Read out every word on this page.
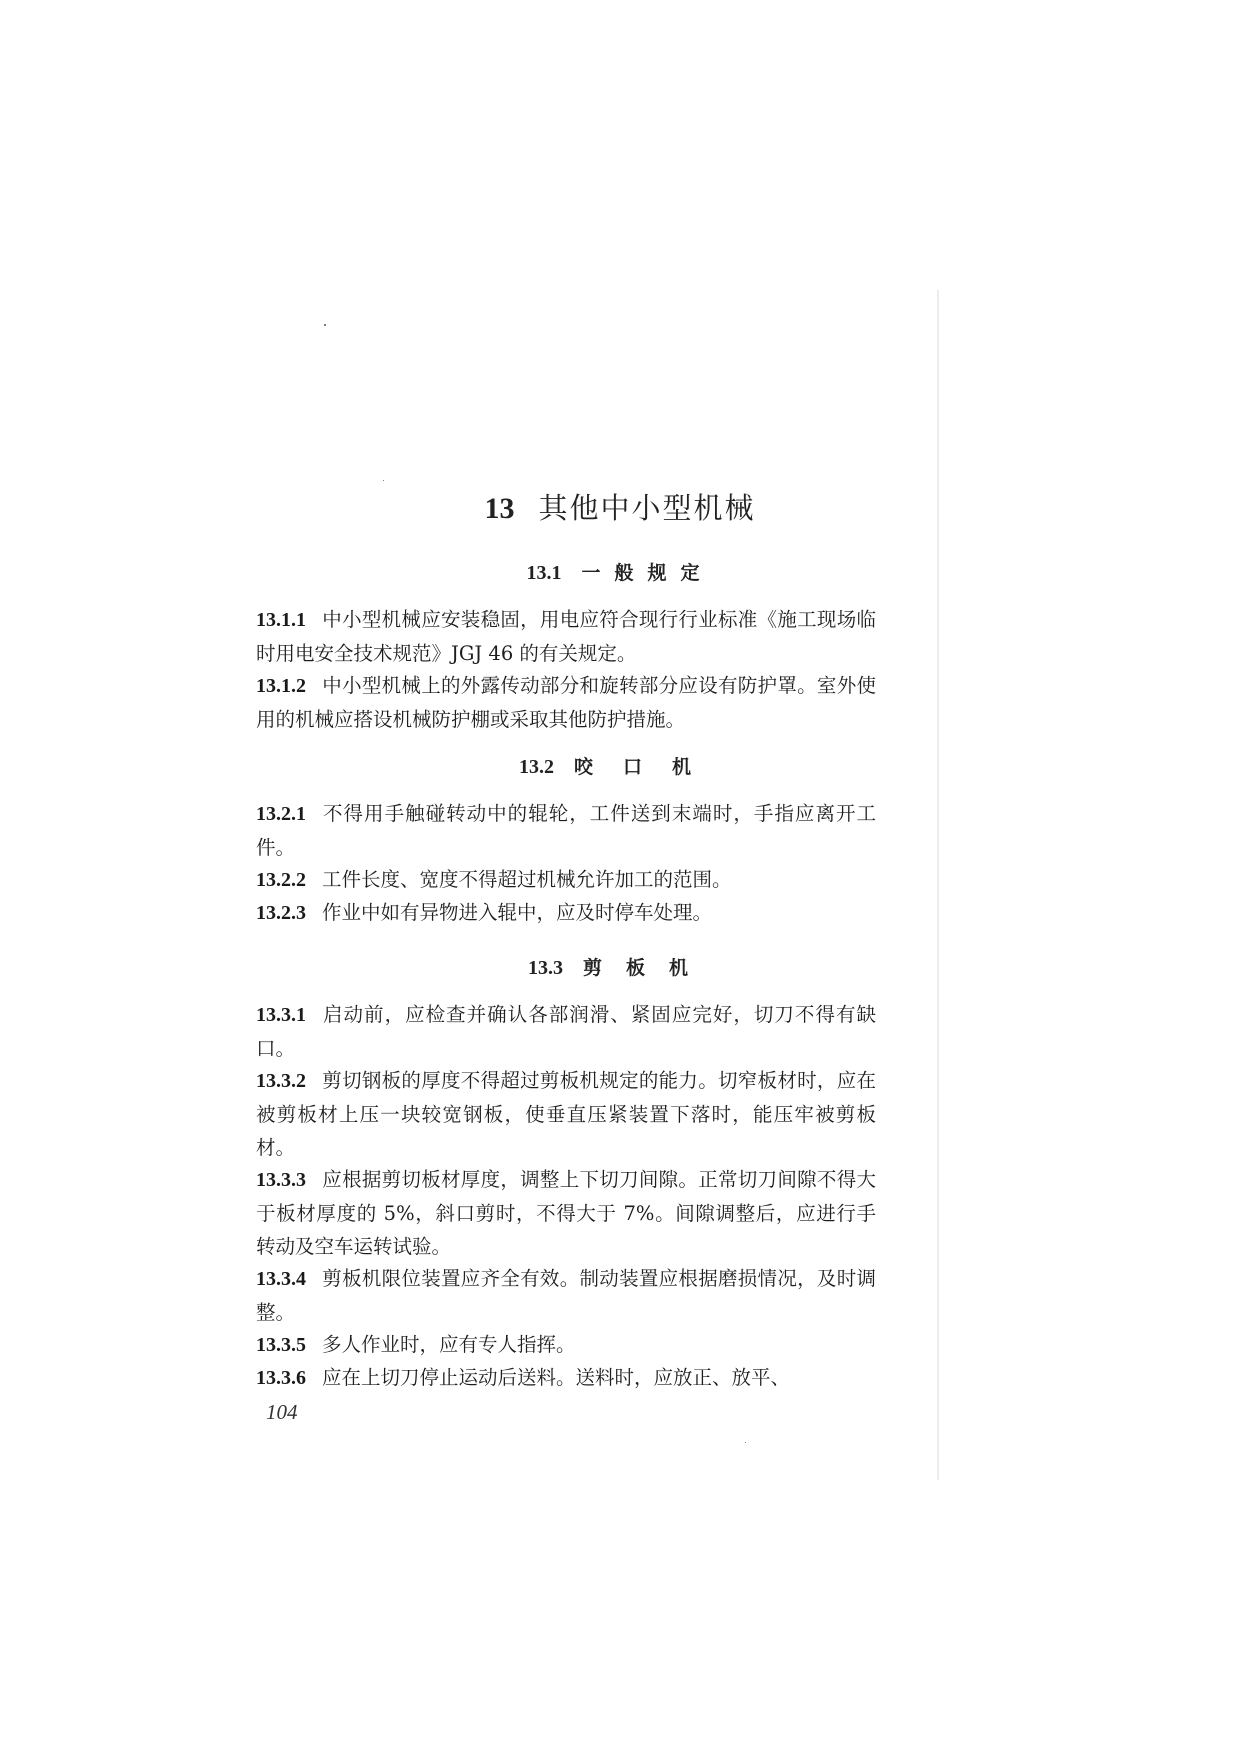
13 其他中小型机械
13.1 一般规定
13.1.1 中小型机械应安装稳固，用电应符合现行行业标准《施工现场临时用电安全技术规范》JGJ 46 的有关规定。
13.1.2 中小型机械上的外露传动部分和旋转部分应设有防护罩。室外使用的机械应搭设机械防护棚或采取其他防护措施。
13.2 咬口机
13.2.1 不得用手触碰转动中的辊轮，工件送到末端时，手指应离开工件。
13.2.2 工件长度、宽度不得超过机械允许加工的范围。
13.2.3 作业中如有异物进入辊中，应及时停车处理。
13.3 剪板机
13.3.1 启动前，应检查并确认各部润滑、紧固应完好，切刀不得有缺口。
13.3.2 剪切钢板的厚度不得超过剪板机规定的能力。切窄板材时，应在被剪板材上压一块较宽钢板，使垂直压紧装置下落时，能压牢被剪板材。
13.3.3 应根据剪切板材厚度，调整上下切刀间隙。正常切刀间隙不得大于板材厚度的 5%，斜口剪时，不得大于 7%。间隙调整后，应进行手转动及空车运转试验。
13.3.4 剪板机限位装置应齐全有效。制动装置应根据磨损情况，及时调整。
13.3.5 多人作业时，应有专人指挥。
13.3.6 应在上切刀停止运动后送料。送料时，应放正、放平、
104
